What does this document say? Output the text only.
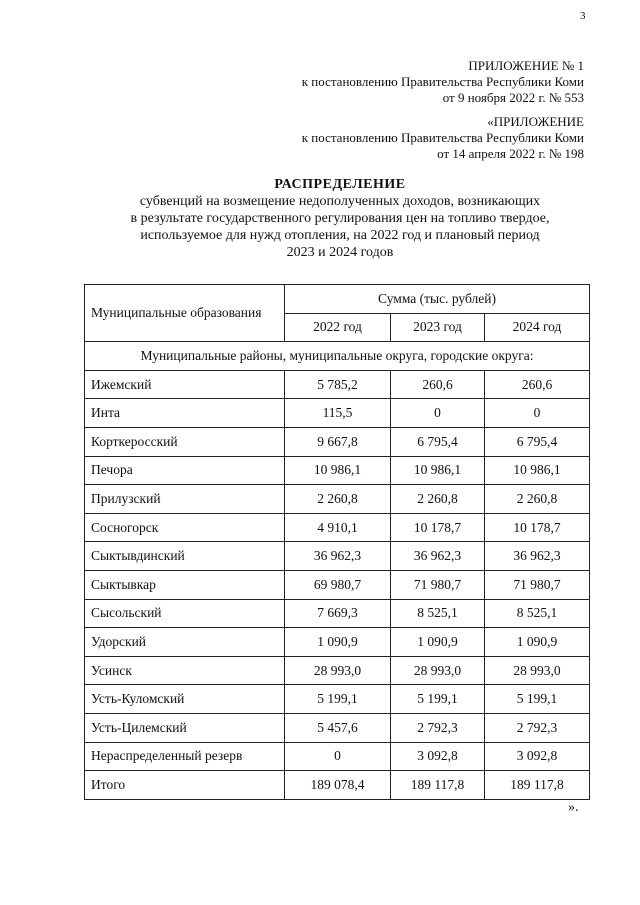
3
ПРИЛОЖЕНИЕ № 1
к постановлению Правительства Республики Коми
от 9 ноября 2022 г. № 553
«ПРИЛОЖЕНИЕ
к постановлению Правительства Республики Коми
от 14 апреля 2022 г. № 198
РАСПРЕДЕЛЕНИЕ
субвенций на возмещение недополученных доходов, возникающих
в результате государственного регулирования цен на топливо твердое,
используемое для нужд отопления, на 2022 год и плановый период
2023 и 2024 годов
Муниципальные образования	Сумма (тыс. рублей)		
	2022 год	2023 год	2024 год
Муниципальные районы, муниципальные округа, городские округа:			
Ижемский	5 785,2	260,6	260,6
Инта	115,5	0	0
Корткеросский	9 667,8	6 795,4	6 795,4
Печора	10 986,1	10 986,1	10 986,1
Прилузский	2 260,8	2 260,8	2 260,8
Сосногорск	4 910,1	10 178,7	10 178,7
Сыктывдинский	36 962,3	36 962,3	36 962,3
Сыктывкар	69 980,7	71 980,7	71 980,7
Сысольский	7 669,3	8 525,1	8 525,1
Удорский	1 090,9	1 090,9	1 090,9
Усинск	28 993,0	28 993,0	28 993,0
Усть-Куломский	5 199,1	5 199,1	5 199,1
Усть-Цилемский	5 457,6	2 792,3	2 792,3
Нераспределенный резерв	0	3 092,8	3 092,8
Итого	189 078,4	189 117,8	189 117,8
».
